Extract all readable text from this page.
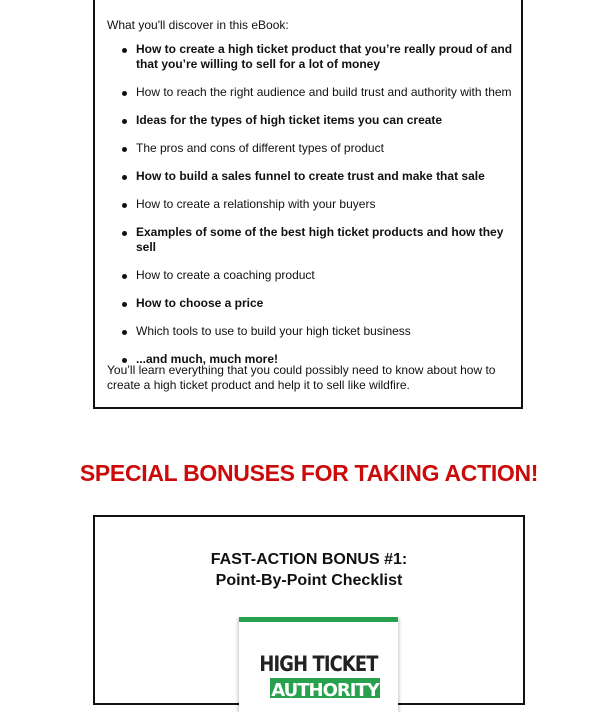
What you'll discover in this eBook:

How to create a high ticket product that you’re really proud of and that you’re willing to sell for a lot of money
How to reach the right audience and build trust and authority with them
Ideas for the types of high ticket items you can create
The pros and cons of different types of product
How to build a sales funnel to create trust and make that sale
How to create a relationship with your buyers
Examples of some of the best high ticket products and how they sell
How to create a coaching product
How to choose a price
Which tools to use to build your high ticket business
...and much, much more!

You’ll learn everything that you could possibly need to know about how to create a high ticket product and help it to sell like wildfire.

SPECIAL BONUSES FOR TAKING ACTION!
FAST-ACTION BONUS #1:
Point-By-Point Checklist
HIGH TICKET
AUTHORITY
